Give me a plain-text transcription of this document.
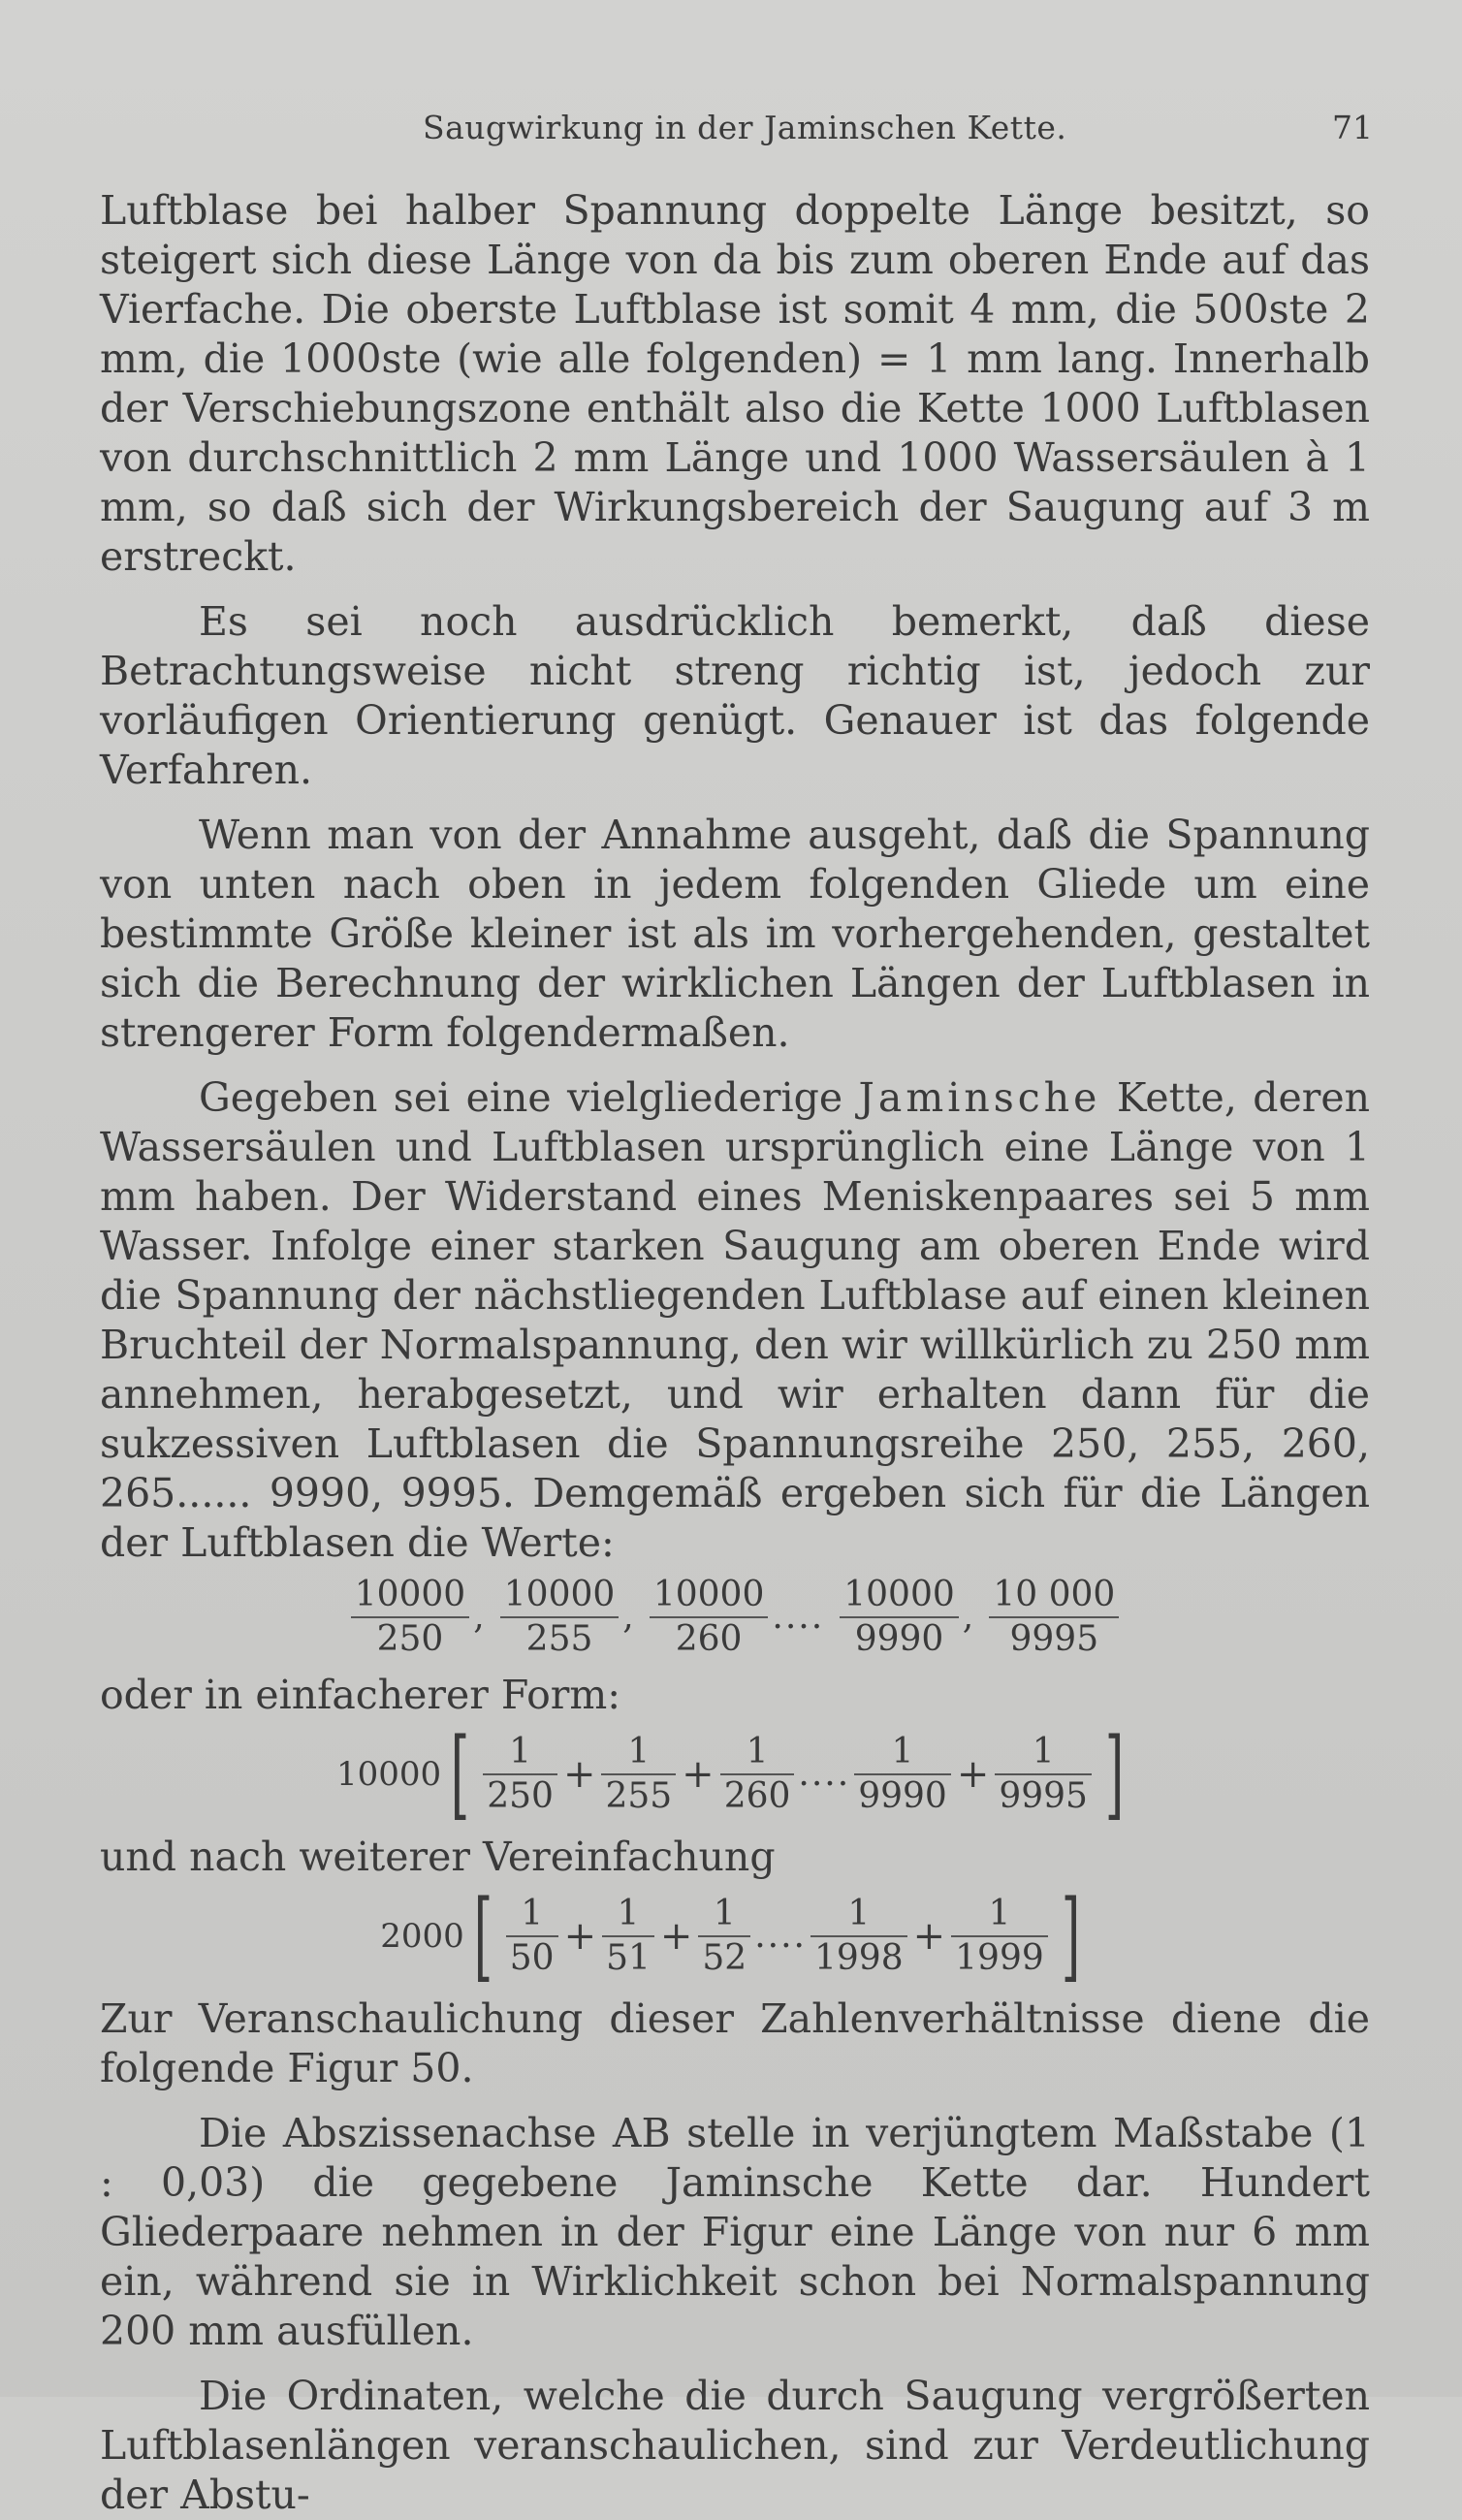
Saugwirkung in der Jaminschen Kette.	71

Luftblase bei halber Spannung doppelte Länge besitzt, so steigert sich diese Länge von da bis zum oberen Ende auf das Vierfache. Die oberste Luftblase ist somit 4 mm, die 500ste 2 mm, die 1000ste (wie alle folgenden) = 1 mm lang. Innerhalb der Verschiebungszone enthält also die Kette 1000 Luftblasen von durchschnittlich 2 mm Länge und 1000 Wassersäulen à 1 mm, so daß sich der Wirkungsbereich der Saugung auf 3 m erstreckt.

Es sei noch ausdrücklich bemerkt, daß diese Betrachtungsweise nicht streng richtig ist, jedoch zur vorläufigen Orientierung genügt. Genauer ist das folgende Verfahren.

Wenn man von der Annahme ausgeht, daß die Spannung von unten nach oben in jedem folgenden Gliede um eine bestimmte Größe kleiner ist als im vorhergehenden, gestaltet sich die Berechnung der wirklichen Längen der Luftblasen in strengerer Form folgendermaßen.

Gegeben sei eine vielgliederige Jaminsche Kette, deren Wassersäulen und Luftblasen ursprünglich eine Länge von 1 mm haben. Der Widerstand eines Meniskenpaares sei 5 mm Wasser. Infolge einer starken Saugung am oberen Ende wird die Spannung der nächstliegenden Luftblase auf einen kleinen Bruchteil der Normalspannung, den wir willkürlich zu 250 mm annehmen, herabgesetzt, und wir erhalten dann für die sukzessiven Luftblasen die Spannungsreihe 250, 255, 260, 265...... 9990, 9995. Demgemäß ergeben sich für die Längen der Luftblasen die Werte:

$\frac{10000}{250}$ , $\frac{10000}{255}$ , $\frac{10000}{260}$ .... $\frac{10000}{9990}$ , $\frac{10 000}{9995}$

oder in einfacherer Form:

$10000[ \frac{1}{250} + \frac{1}{255} + \frac{1}{260}$ .... $\frac{1}{9990} + \frac{1}{9995}$ ]

und nach weiterer Vereinfachung

$2000[ \frac{1}{50} + \frac{1}{51} + \frac{1}{52}$ .... $\frac{1}{1998} + \frac{1}{1999}$ ]

Zur Veranschaulichung dieser Zahlenverhältnisse diene die folgende Figur 50.

Die Abszissenachse AB stelle in verjüngtem Maßstabe (1 : 0,03) die gegebene Jaminsche Kette dar. Hundert Gliederpaare nehmen in der Figur eine Länge von nur 6 mm ein, während sie in Wirklichkeit schon bei Normalspannung 200 mm ausfüllen.

Die Ordinaten, welche die durch Saugung vergrößerten Luftblasenlängen veranschaulichen, sind zur Verdeutlichung der Abstu-
